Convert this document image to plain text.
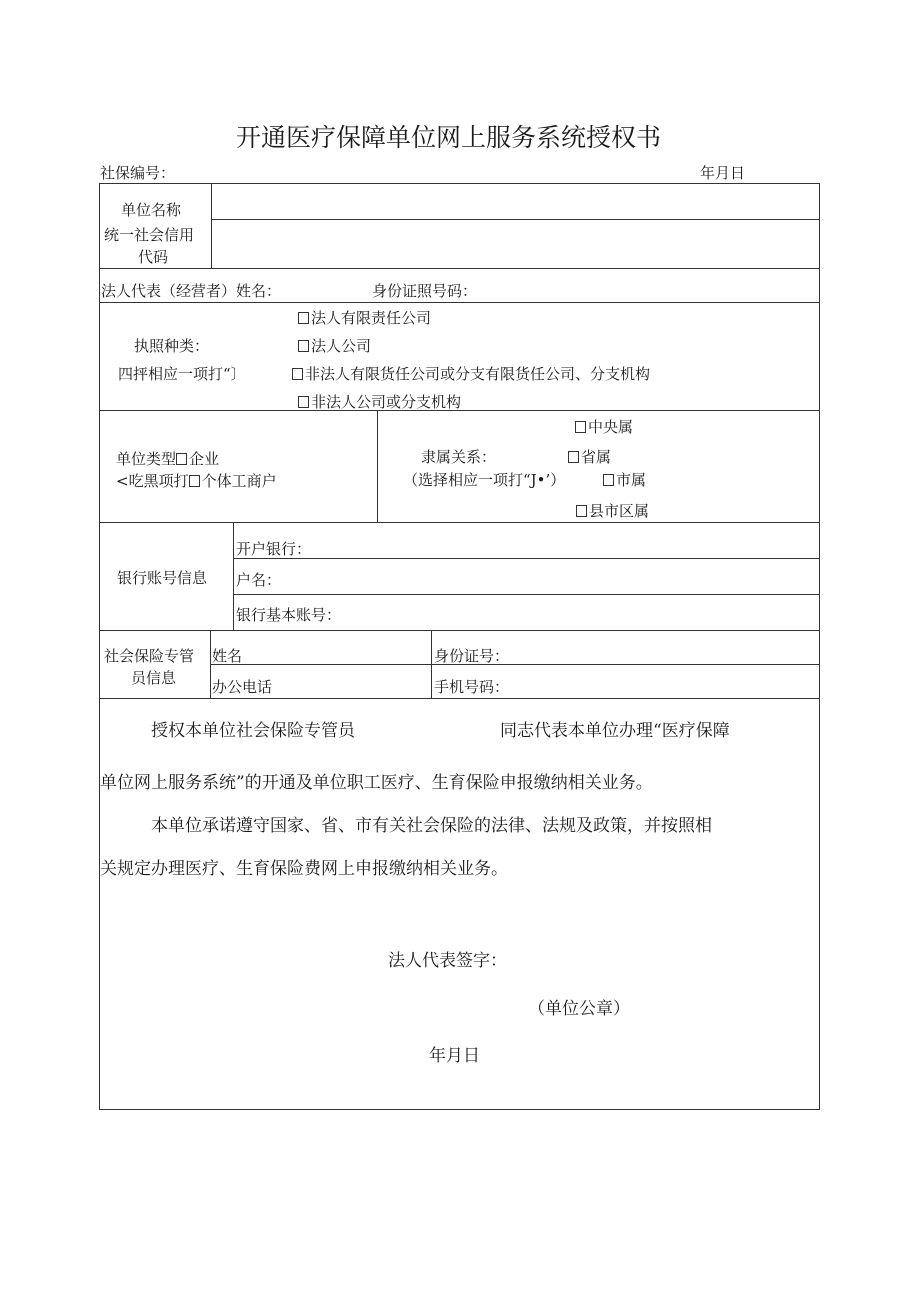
开通医疗保障单位网上服务系统授权书
社保编号：	年月日
单位名称
统一社会信用
代码
法人代表（经营者）姓名：	身份证照号码：
法人有限责任公司
执照种类：	法人公司
四抨相应一项打“〕	非法人有限货任公司或分支有限货任公司、分支机构
非法人公司或分支机构
单位类型 企业
<吃黑项打 个体工商户
中央属
隶属关系：	省属
（选择相应一项打“J•’）	市属
县市区属
银行账号信息
开户银行：
户名：
银行基本账号：
社会保险专管
员信息
姓名	身份证号：
办公电话	手机号码：
授权本单位社会保险专管员	同志代表本单位办理“医疗保障
单位网上服务系统”的开通及单位职工医疗、生育保险申报缴纳相关业务。
本单位承诺遵守国家、省、市有关社会保险的法律、法规及政策，并按照相
关规定办理医疗、生育保险费网上申报缴纳相关业务。
法人代表签字：
（单位公章）
年月日
